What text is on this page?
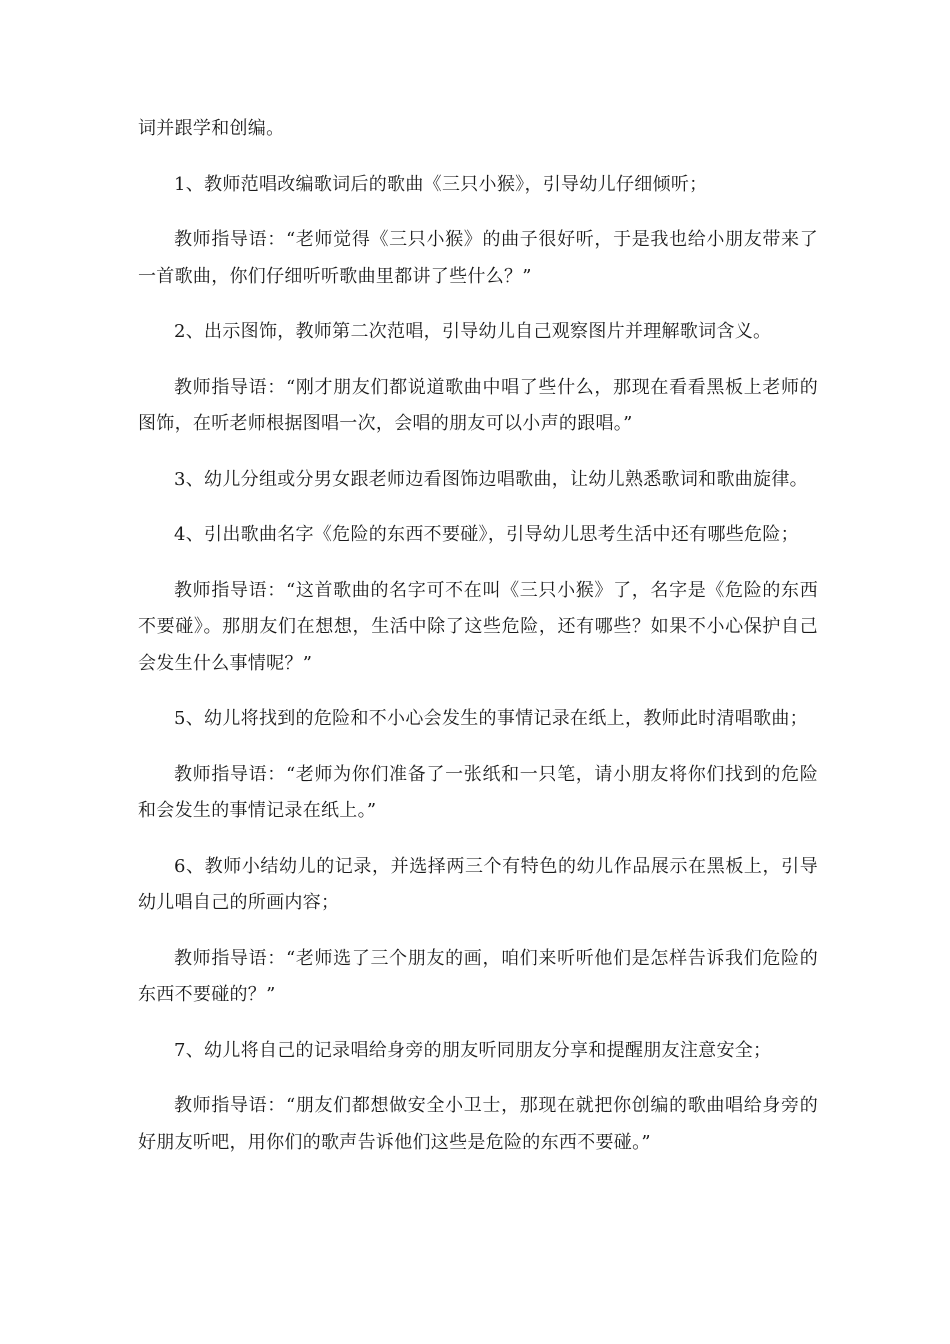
词并跟学和创编。

1、教师范唱改编歌词后的歌曲《三只小猴》，引导幼儿仔细倾听；

教师指导语：“老师觉得《三只小猴》的曲子很好听，于是我也给小朋友带来了一首歌曲，你们仔细听听歌曲里都讲了些什么？”

2、出示图饰，教师第二次范唱，引导幼儿自己观察图片并理解歌词含义。

教师指导语：“刚才朋友们都说道歌曲中唱了些什么，那现在看看黑板上老师的图饰，在听老师根据图唱一次，会唱的朋友可以小声的跟唱。”

3、幼儿分组或分男女跟老师边看图饰边唱歌曲，让幼儿熟悉歌词和歌曲旋律。

4、引出歌曲名字《危险的东西不要碰》，引导幼儿思考生活中还有哪些危险；

教师指导语：“这首歌曲的名字可不在叫《三只小猴》了，名字是《危险的东西不要碰》。那朋友们在想想，生活中除了这些危险，还有哪些？如果不小心保护自己会发生什么事情呢？”

5、幼儿将找到的危险和不小心会发生的事情记录在纸上，教师此时清唱歌曲；

教师指导语：“老师为你们准备了一张纸和一只笔，请小朋友将你们找到的危险和会发生的事情记录在纸上。”

6、教师小结幼儿的记录，并选择两三个有特色的幼儿作品展示在黑板上，引导幼儿唱自己的所画内容；

教师指导语：“老师选了三个朋友的画，咱们来听听他们是怎样告诉我们危险的东西不要碰的？”

7、幼儿将自己的记录唱给身旁的朋友听同朋友分享和提醒朋友注意安全；

教师指导语：“朋友们都想做安全小卫士，那现在就把你创编的歌曲唱给身旁的好朋友听吧，用你们的歌声告诉他们这些是危险的东西不要碰。”
